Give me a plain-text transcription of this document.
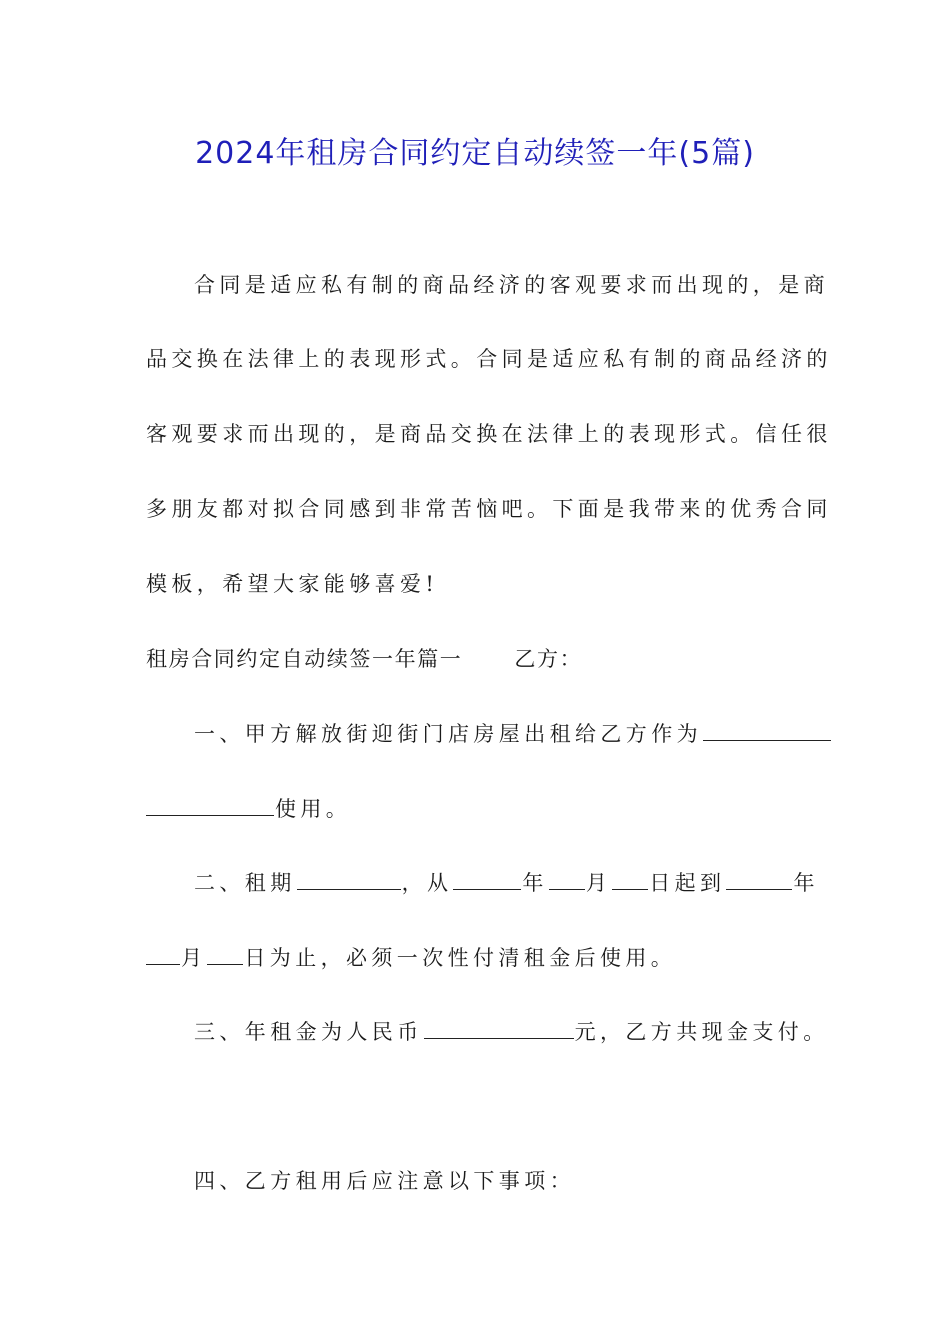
2024年租房合同约定自动续签一年(5篇)
合同是适应私有制的商品经济的客观要求而出现的，是商
品交换在法律上的表现形式。合同是适应私有制的商品经济的
客观要求而出现的，是商品交换在法律上的表现形式。信任很
多朋友都对拟合同感到非常苦恼吧。下面是我带来的优秀合同
模板，希望大家能够喜爱!
租房合同约定自动续签一年篇一 乙方：
一、甲方解放街迎街门店房屋出租给乙方作为
使用。
二、租期	，从	年 月 日起到	年
月 日为止，必须一次性付清租金后使用。
三、年租金为人民币	元，乙方共现金支付。
四、乙方租用后应注意以下事项：
